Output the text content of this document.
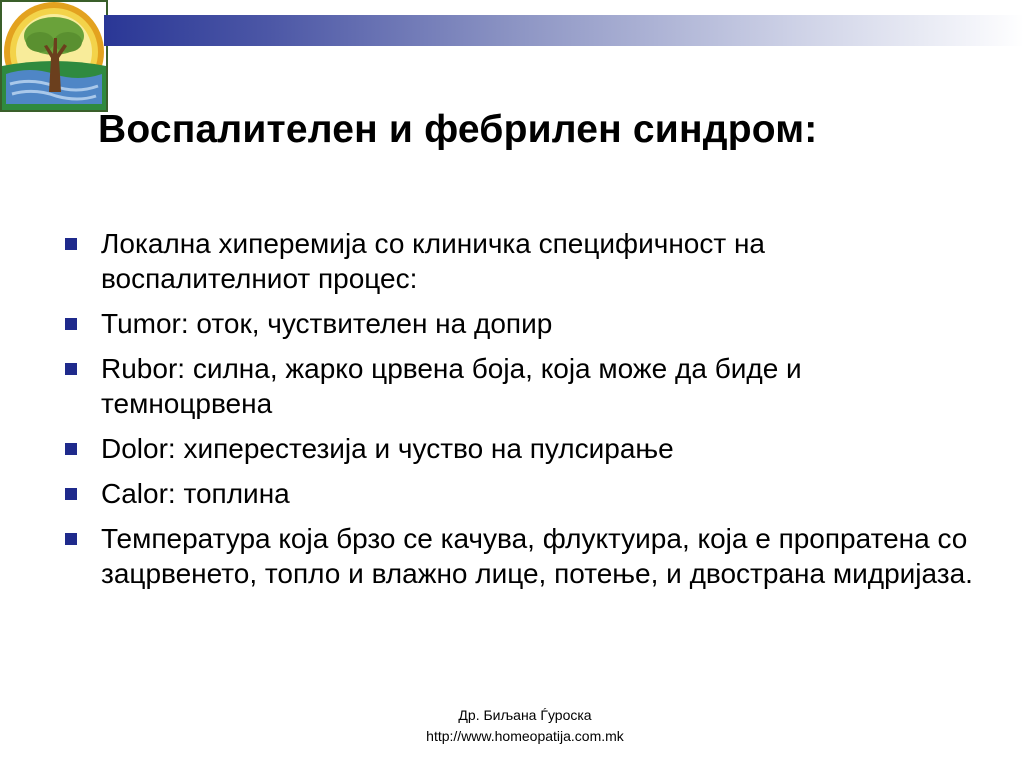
Воспалителен и фебрилен синдром:
Локална хиперемија со клиничка специфичност на воспалителниот процес:
Tumor: оток, чуствителен на допир
Rubor: силна, жарко црвена боја, која може да биде и темноцрвена
Dolor: хиперестезија и чуство на пулсирање
Calor: топлина
Температура која брзо се качува, флуктуира, која е пропратена со зацрвенето, топло и влажно лице, потење, и двострана мидријаза.
Др. Биљана Ѓуроска
http://www.homeopatija.com.mk
